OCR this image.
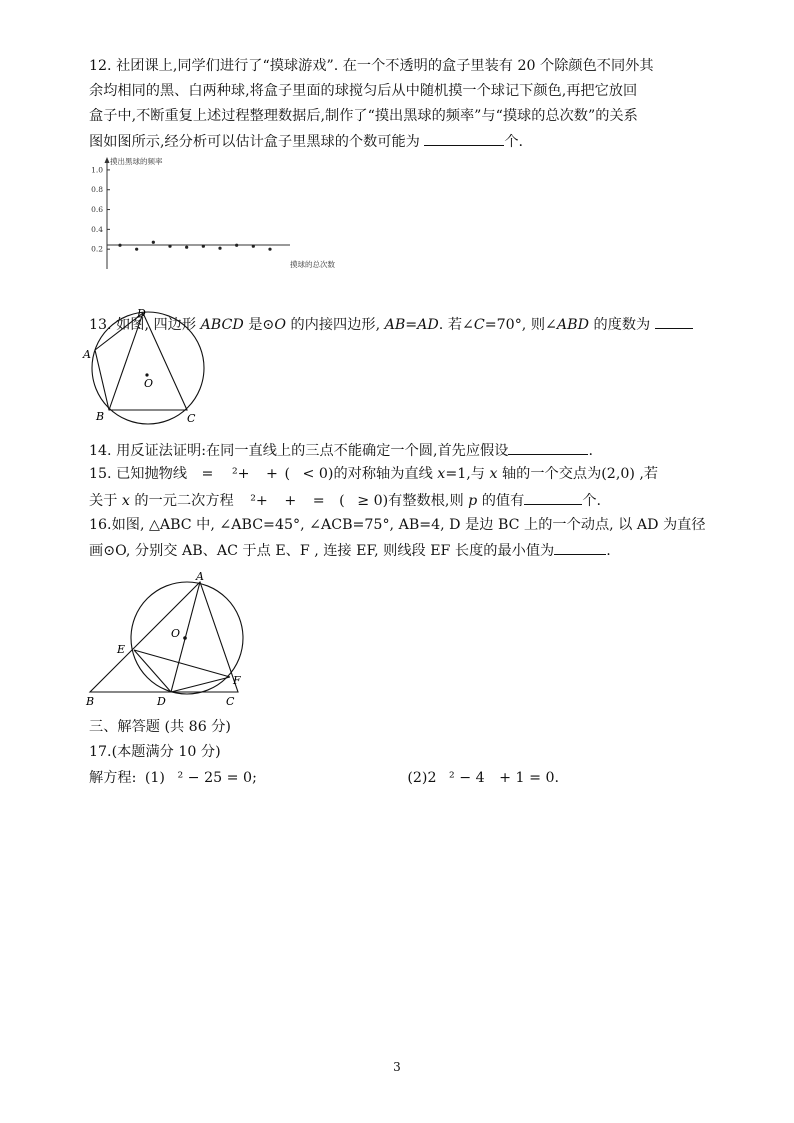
12. 社团课上,同学们进行了“摸球游戏”. 在一个不透明的盒子里装有 20 个除颜色不同外其
余均相同的黑、白两种球,将盒子里面的球搅匀后从中随机摸一个球记下颜色,再把它放回
盒子中,不断重复上述过程整理数据后,制作了“摸出黑球的频率”与“摸球的总次数”的关系
图如图所示,经分析可以估计盒子里黑球的个数可能为	个.
摸出黑球的频率
摸球的总次数
0.2
0.4
0.6
0.8
1.0
13. 如图, 四边形 ABCD 是⊙O 的内接四边形, AB=AD. 若∠C=70°, 则∠ABD 的度数为
A
D
O
B	C
14. 用反证法证明:在同一直线上的三点不能确定一个圆,首先应假设	.
15. 已知抛物线 = ²+ + ( < 0)的对称轴为直线 x=1,与 x 轴的一个交点为(2,0) ,若
关于 x 的一元二次方程 ²+ + = ( ≥ 0)有整数根,则 p 的值有	个.
16.如图, △ABC 中, ∠ABC=45°, ∠ACB=75°, AB=4, D 是边 BC 上的一个动点, 以 AD 为直径
画⊙O, 分别交 AB、AC 于点 E、F , 连接 EF, 则线段 EF 长度的最小值为	.
A
O
E
F
B	D	C
三、解答题 (共 86 分)
17.(本题满分 10 分)
解方程: (1) ² − 25 = 0;	(2)2 ² − 4 + 1 = 0.
3
